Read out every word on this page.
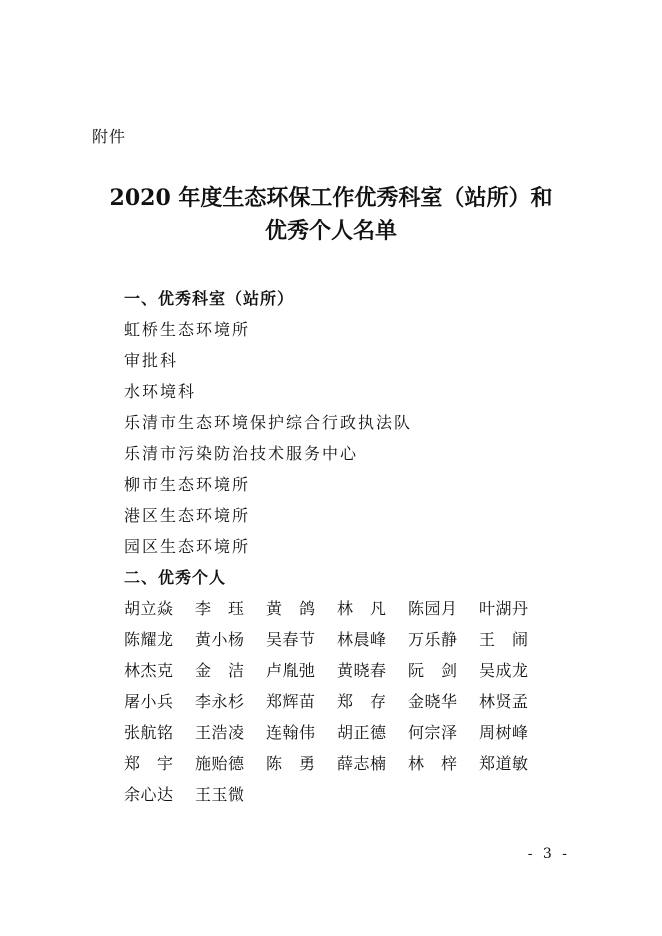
附件
2020 年度生态环保工作优秀科室（站所）和
优秀个人名单
一、优秀科室（站所）
虹桥生态环境所
审批科
水环境科
乐清市生态环境保护综合行政执法队
乐清市污染防治技术服务中心
柳市生态环境所
港区生态环境所
园区生态环境所
二、优秀个人
胡立焱 李　珏 黄　鸽 林　凡 陈园月 叶湖丹
陈耀龙 黄小杨 吴春节 林晨峰 万乐静 王　闹
林杰克 金　洁 卢胤弛 黄晓春 阮　剑 吴成龙
屠小兵 李永杉 郑辉苗 郑　存 金晓华 林贤孟
张航铭 王浩凌 连翰伟 胡正德 何宗泽 周树峰
郑　宇 施贻德 陈　勇 薛志楠 林　梓 郑道敏
余心达 王玉微
- 3 -
